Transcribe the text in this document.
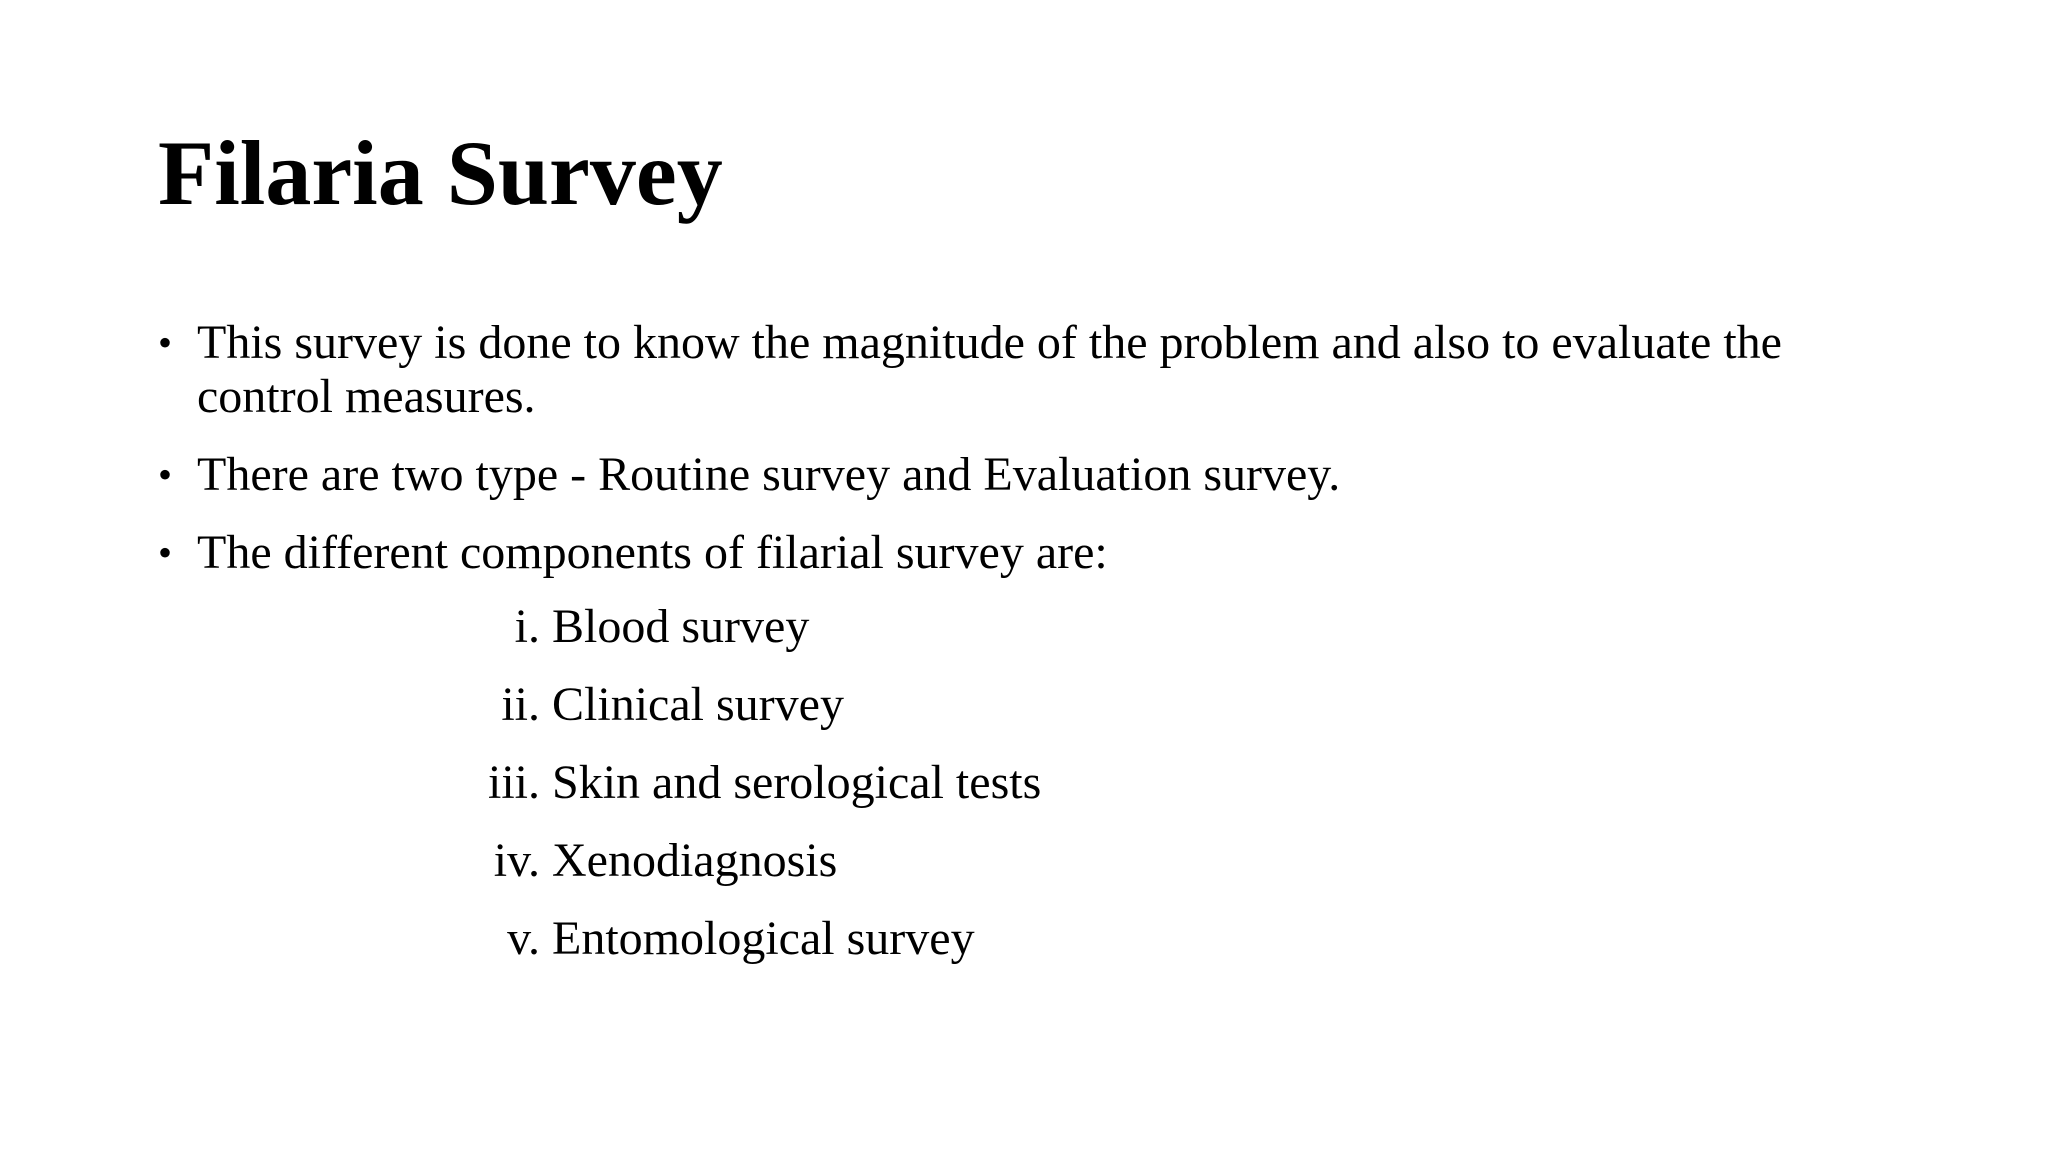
Filaria Survey
• This survey is done to know the magnitude of the problem and also to evaluate the control measures.
• There are two type - Routine survey and Evaluation survey.
• The different components of filarial survey are:
i. Blood survey
ii. Clinical survey
iii. Skin and serological tests
iv. Xenodiagnosis
v. Entomological survey
